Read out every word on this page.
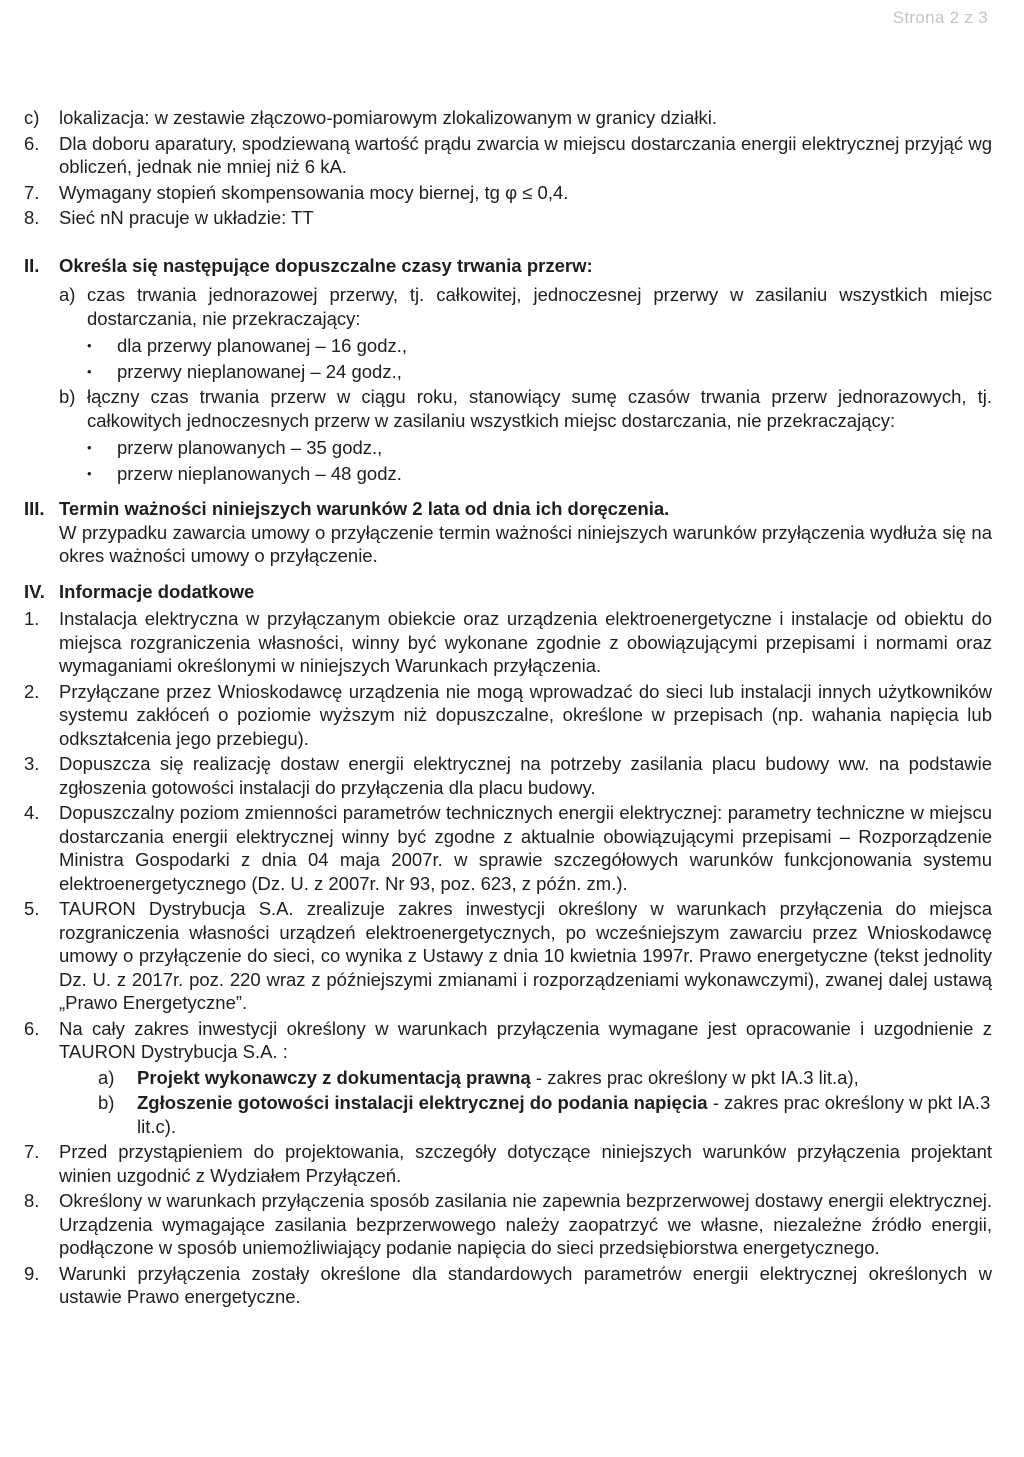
Strona 2 z 3
c) lokalizacja: w zestawie złączowo-pomiarowym zlokalizowanym w granicy działki.
6. Dla doboru aparatury, spodziewaną wartość prądu zwarcia w miejscu dostarczania energii elektrycznej przyjąć wg obliczeń, jednak nie mniej niż 6 kA.
7. Wymagany stopień skompensowania mocy biernej, tg φ ≤ 0,4.
8. Sieć nN pracuje w układzie: TT
II. Określa się następujące dopuszczalne czasy trwania przerw:
a) czas trwania jednorazowej przerwy, tj. całkowitej, jednoczesnej przerwy w zasilaniu wszystkich miejsc dostarczania, nie przekraczający:
• dla przerwy planowanej – 16 godz.,
• przerwy nieplanowanej – 24 godz.,
b) łączny czas trwania przerw w ciągu roku, stanowiący sumę czasów trwania przerw jednorazowych, tj. całkowitych jednoczesnych przerw w zasilaniu wszystkich miejsc dostarczania, nie przekraczający:
• przerw planowanych – 35 godz.,
• przerw nieplanowanych – 48 godz.
III. Termin ważności niniejszych warunków 2 lata od dnia ich doręczenia.
W przypadku zawarcia umowy o przyłączenie termin ważności niniejszych warunków przyłączenia wydłuża się na okres ważności umowy o przyłączenie.
IV. Informacje dodatkowe
1. Instalacja elektryczna w przyłączanym obiekcie oraz urządzenia elektroenergetyczne i instalacje od obiektu do miejsca rozgraniczenia własności, winny być wykonane zgodnie z obowiązującymi przepisami i normami oraz wymaganiami określonymi w niniejszych Warunkach przyłączenia.
2. Przyłączane przez Wnioskodawcę urządzenia nie mogą wprowadzać do sieci lub instalacji innych użytkowników systemu zakłóceń o poziomie wyższym niż dopuszczalne, określone w przepisach (np. wahania napięcia lub odkształcenia jego przebiegu).
3. Dopuszcza się realizację dostaw energii elektrycznej na potrzeby zasilania placu budowy ww. na podstawie zgłoszenia gotowości instalacji do przyłączenia dla placu budowy.
4. Dopuszczalny poziom zmienności parametrów technicznych energii elektrycznej: parametry techniczne w miejscu dostarczania energii elektrycznej winny być zgodne z aktualnie obowiązującymi przepisami – Rozporządzenie Ministra Gospodarki z dnia 04 maja 2007r. w sprawie szczegółowych warunków funkcjonowania systemu elektroenergetycznego (Dz. U. z 2007r. Nr 93, poz. 623, z późn. zm.).
5. TAURON Dystrybucja S.A. zrealizuje zakres inwestycji określony w warunkach przyłączenia do miejsca rozgraniczenia własności urządzeń elektroenergetycznych, po wcześniejszym zawarciu przez Wnioskodawcę umowy o przyłączenie do sieci, co wynika z Ustawy z dnia 10 kwietnia 1997r. Prawo energetyczne (tekst jednolity Dz. U. z 2017r. poz. 220 wraz z późniejszymi zmianami i rozporządzeniami wykonawczymi), zwanej dalej ustawą „Prawo Energetyczne”.
6. Na cały zakres inwestycji określony w warunkach przyłączenia wymagane jest opracowanie i uzgodnienie z TAURON Dystrybucja S.A. :
a) Projekt wykonawczy z dokumentacją prawną - zakres prac określony w pkt IA.3 lit.a),
b) Zgłoszenie gotowości instalacji elektrycznej do podania napięcia - zakres prac określony w pkt IA.3 lit.c).
7. Przed przystąpieniem do projektowania, szczegóły dotyczące niniejszych warunków przyłączenia projektant winien uzgodnić z Wydziałem Przyłączeń.
8. Określony w warunkach przyłączenia sposób zasilania nie zapewnia bezprzerwowej dostawy energii elektrycznej. Urządzenia wymagające zasilania bezprzerwowego należy zaopatrzyć we własne, niezależne źródło energii, podłączone w sposób uniemożliwiający podanie napięcia do sieci przedsiębiorstwa energetycznego.
9. Warunki przyłączenia zostały określone dla standardowych parametrów energii elektrycznej określonych w ustawie Prawo energetyczne.
